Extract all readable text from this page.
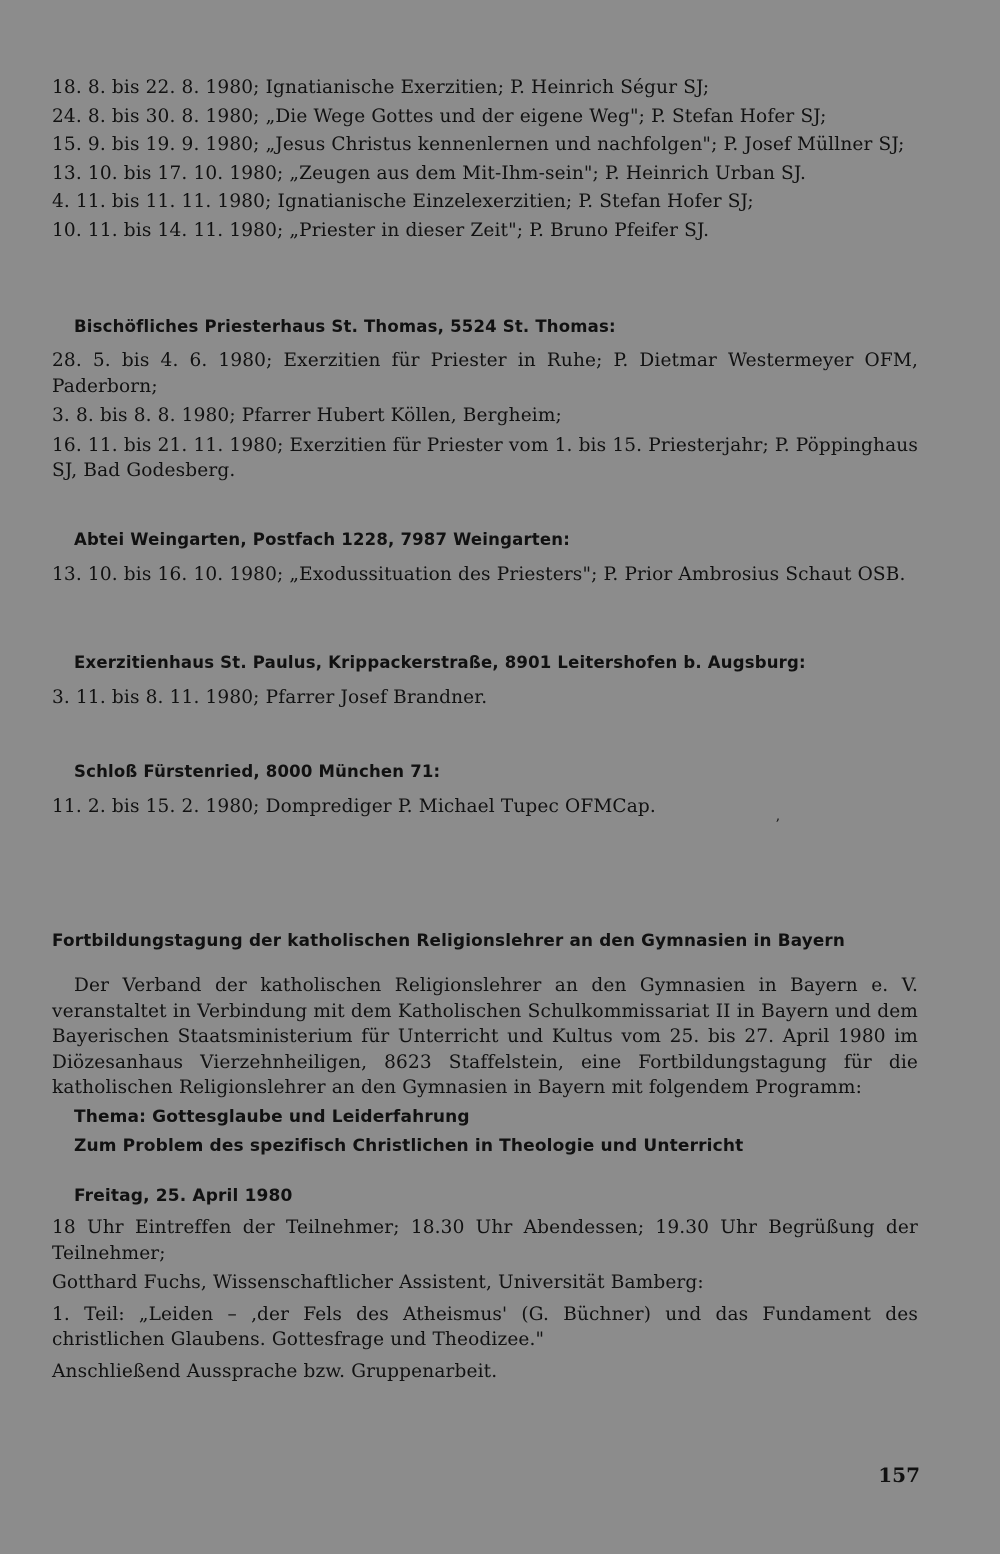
18. 8. bis 22. 8. 1980; Ignatianische Exerzitien; P. Heinrich Ségur SJ;

24. 8. bis 30. 8. 1980; „Die Wege Gottes und der eigene Weg"; P. Stefan Hofer SJ;

15. 9. bis 19. 9. 1980; „Jesus Christus kennenlernen und nachfolgen"; P. Josef Müllner SJ;

13. 10. bis 17. 10. 1980; „Zeugen aus dem Mit-Ihm-sein"; P. Heinrich Urban SJ.

4. 11. bis 11. 11. 1980; Ignatianische Einzelexerzitien; P. Stefan Hofer SJ;

10. 11. bis 14. 11. 1980; „Priester in dieser Zeit"; P. Bruno Pfeifer SJ.

Bischöfliches Priesterhaus St. Thomas, 5524 St. Thomas:

28. 5. bis 4. 6. 1980; Exerzitien für Priester in Ruhe; P. Dietmar Westermeyer OFM, Paderborn;

3. 8. bis 8. 8. 1980; Pfarrer Hubert Köllen, Bergheim;

16. 11. bis 21. 11. 1980; Exerzitien für Priester vom 1. bis 15. Priesterjahr; P. Pöppinghaus SJ, Bad Godesberg.

Abtei Weingarten, Postfach 1228, 7987 Weingarten:

13. 10. bis 16. 10. 1980; „Exodussituation des Priesters"; P. Prior Ambrosius Schaut OSB.

Exerzitienhaus St. Paulus, Krippackerstraße, 8901 Leitershofen b. Augsburg:

3. 11. bis 8. 11. 1980; Pfarrer Josef Brandner.

Schloß Fürstenried, 8000 München 71:

11. 2. bis 15. 2. 1980; Domprediger P. Michael Tupec OFMCap.

ʼ

Fortbildungstagung der katholischen Religionslehrer an den Gymnasien in Bayern

Der Verband der katholischen Religionslehrer an den Gymnasien in Bayern e. V. veranstaltet in Verbindung mit dem Katholischen Schulkommissariat II in Bayern und dem Bayerischen Staatsministerium für Unterricht und Kultus vom 25. bis 27. April 1980 im Diözesanhaus Vierzehnheiligen, 8623 Staffelstein, eine Fortbildungstagung für die katholischen Religionslehrer an den Gymnasien in Bayern mit folgendem Programm:

Thema: Gottesglaube und Leiderfahrung

Zum Problem des spezifisch Christlichen in Theologie und Unterricht

Freitag, 25. April 1980

18 Uhr Eintreffen der Teilnehmer; 18.30 Uhr Abendessen; 19.30 Uhr Begrüßung der Teilnehmer;

Gotthard Fuchs, Wissenschaftlicher Assistent, Universität Bamberg:

1. Teil: „Leiden – ‚der Fels des Atheismus' (G. Büchner) und das Fundament des christlichen Glaubens. Gottesfrage und Theodizee."

Anschließend Aussprache bzw. Gruppenarbeit.

157
